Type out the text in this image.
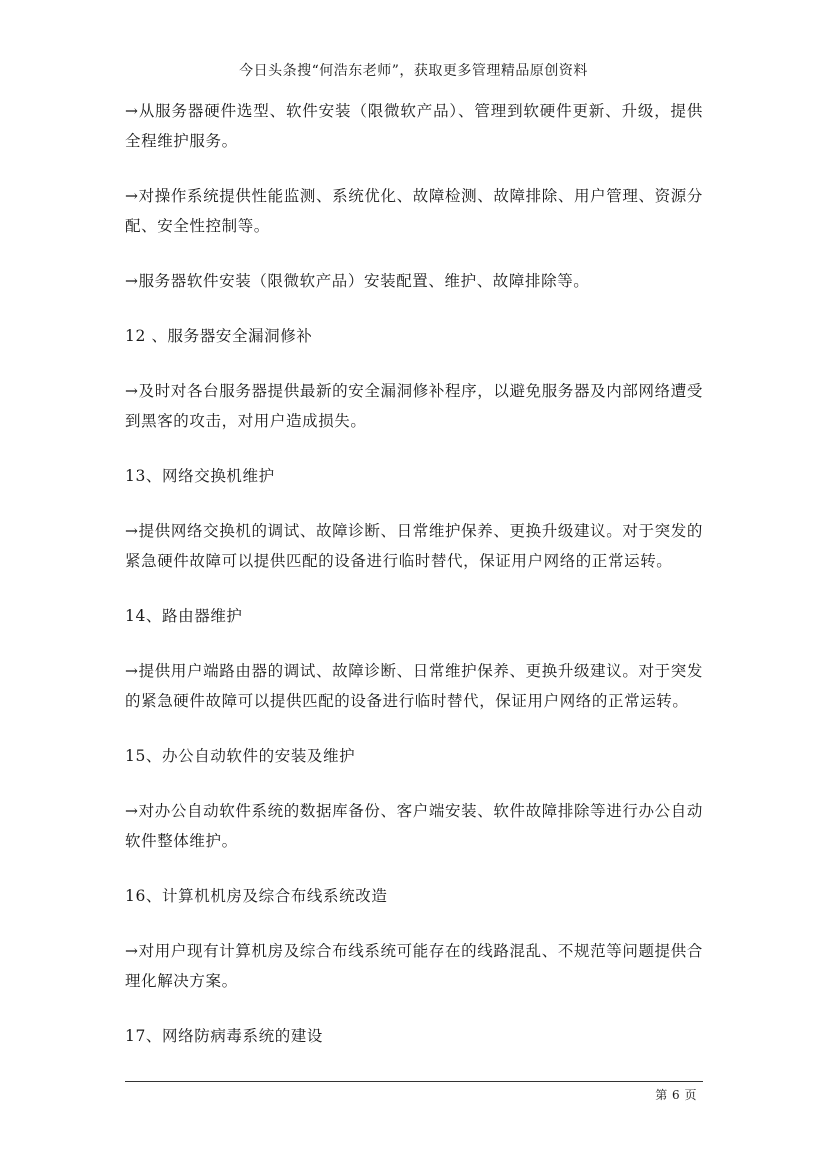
今日头条搜“何浩东老师”，获取更多管理精品原创资料

→从服务器硬件选型、软件安装（限微软产品）、管理到软硬件更新、升级，提供全程维护服务。

→对操作系统提供性能监测、系统优化、故障检测、故障排除、用户管理、资源分配、安全性控制等。

→服务器软件安装（限微软产品）安装配置、维护、故障排除等。

12 、服务器安全漏洞修补

→及时对各台服务器提供最新的安全漏洞修补程序，以避免服务器及内部网络遭受到黑客的攻击，对用户造成损失。

13、网络交换机维护

→提供网络交换机的调试、故障诊断、日常维护保养、更换升级建议。对于突发的紧急硬件故障可以提供匹配的设备进行临时替代，保证用户网络的正常运转。

14、路由器维护

→提供用户端路由器的调试、故障诊断、日常维护保养、更换升级建议。对于突发的紧急硬件故障可以提供匹配的设备进行临时替代，保证用户网络的正常运转。

15、办公自动软件的安装及维护

→对办公自动软件系统的数据库备份、客户端安装、软件故障排除等进行办公自动软件整体维护。

16、计算机机房及综合布线系统改造

→对用户现有计算机房及综合布线系统可能存在的线路混乱、不规范等问题提供合理化解决方案。

17、网络防病毒系统的建设

第 6 页
